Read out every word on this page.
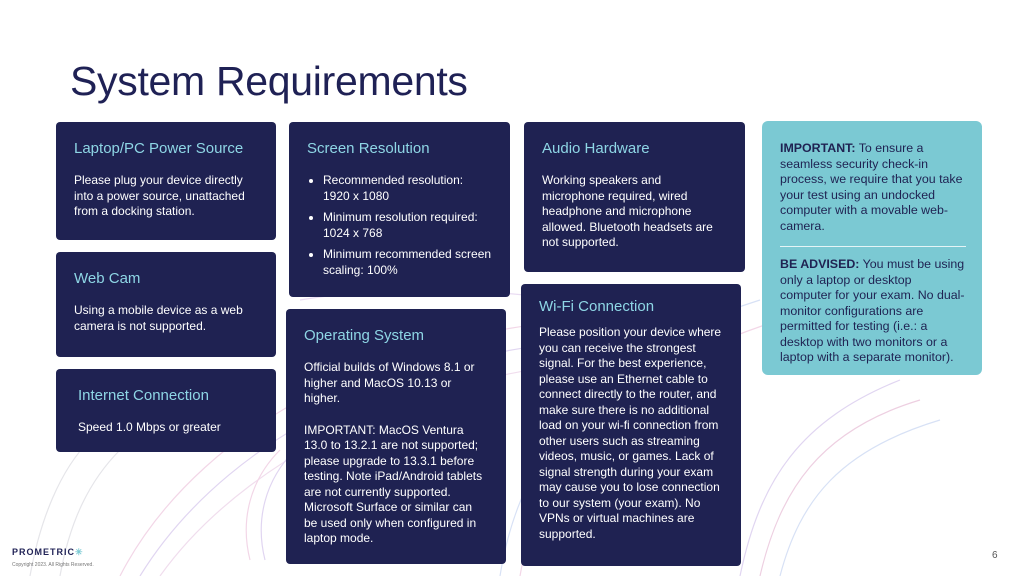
System Requirements
Laptop/PC Power Source

Please plug your device directly into a power source, unattached from a docking station.

Web Cam

Using a mobile device as a web camera is not supported.

Internet Connection

Speed 1.0 Mbps or greater

Screen Resolution
• Recommended resolution: 1920 x 1080
• Minimum resolution required: 1024 x 768
• Minimum recommended screen scaling: 100%
Operating System

Official builds of Windows 8.1 or higher and MacOS 10.13 or higher.

IMPORTANT: MacOS Ventura 13.0 to 13.2.1 are not supported; please upgrade to 13.3.1 before testing. Note iPad/Android tablets are not currently supported. Microsoft Surface or similar can be used only when configured in laptop mode.

Audio Hardware

Working speakers and microphone required, wired headphone and microphone allowed. Bluetooth headsets are not supported.

Wi-Fi Connection

Please position your device where you can receive the strongest signal. For the best experience, please use an Ethernet cable to connect directly to the router, and make sure there is no additional load on your wi-fi connection from other users such as streaming videos, music, or games. Lack of signal strength during your exam may cause you to lose connection to our system (your exam). No VPNs or virtual machines are supported.

IMPORTANT: To ensure a seamless security check-in process, we require that you take your test using an undocked computer with a movable web-camera.

BE ADVISED: You must be using only a laptop or desktop computer for your exam. No dual-monitor configurations are permitted for testing (i.e.: a desktop with two monitors or a laptop with a separate monitor).

PROMETRIC✳
Copyright 2023. All Rights Reserved.
6
